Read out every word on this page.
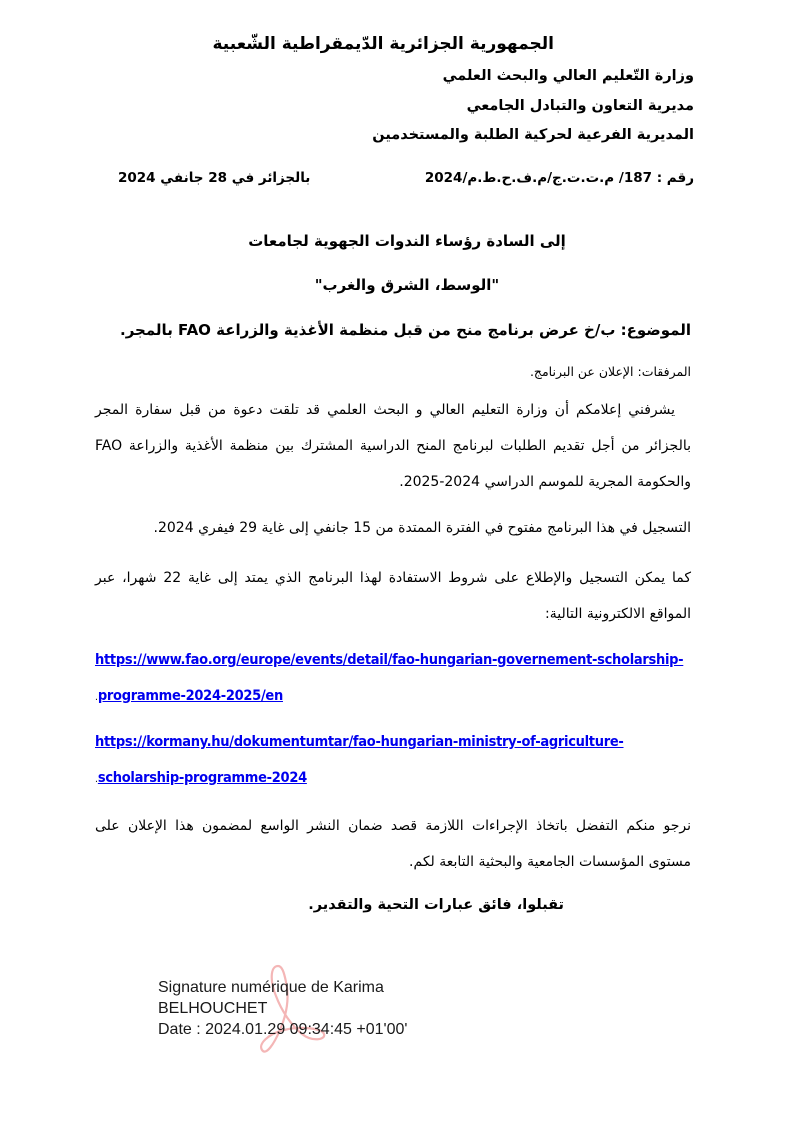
الجمهورية الجزائرية الدّيمقراطية الشّعبية
وزارة التّعليم العالي والبحث العلمي
مديرية التعاون والتبادل الجامعي
المديرية الفرعية لحركية الطلبة والمستخدمين
رقم : 187/ م.ت.ت.ج/م.ف.ح.ط.م/2024
بالجزائر في 28 جانفي 2024
إلى السادة رؤساء الندوات الجهوية لجامعات
"الوسط، الشرق والغرب"
الموضوع: ب/خ عرض برنامج منح من قبل منظمة الأغذية والزراعة FAO بالمجر.
المرفقات: الإعلان عن البرنامج.
يشرفني إعلامكم أن وزارة التعليم العالي و البحث العلمي قد تلقت دعوة من قبل سفارة المجر
بالجزائر من أجل تقديم الطلبات لبرنامج المنح الدراسية المشترك بين منظمة الأغذية والزراعة FAO
والحكومة المجرية للموسم الدراسي 2024-2025.
التسجيل في هذا البرنامج مفتوح في الفترة الممتدة من 15 جانفي إلى غاية 29 فيفري 2024.
كما يمكن التسجيل والإطلاع على شروط الاستفادة لهذا البرنامج الذي يمتد إلى غاية 22 شهرا، عبر
المواقع الالكترونية التالية:
https://www.fao.org/europe/events/detail/fao-hungarian-governement-scholarship-
.programme-2024-2025/en
https://kormany.hu/dokumentumtar/fao-hungarian-ministry-of-agriculture-
.scholarship-programme-2024
نرجو منكم التفضل باتخاذ الإجراءات اللازمة قصد ضمان النشر الواسع لمضمون هذا الإعلان على
مستوى المؤسسات الجامعية والبحثية التابعة لكم.
تقبلوا، فائق عبارات التحية والتقدير.
Signature numérique de Karima
BELHOUCHET
Date : 2024.01.29 09:34:45 +01'00'
